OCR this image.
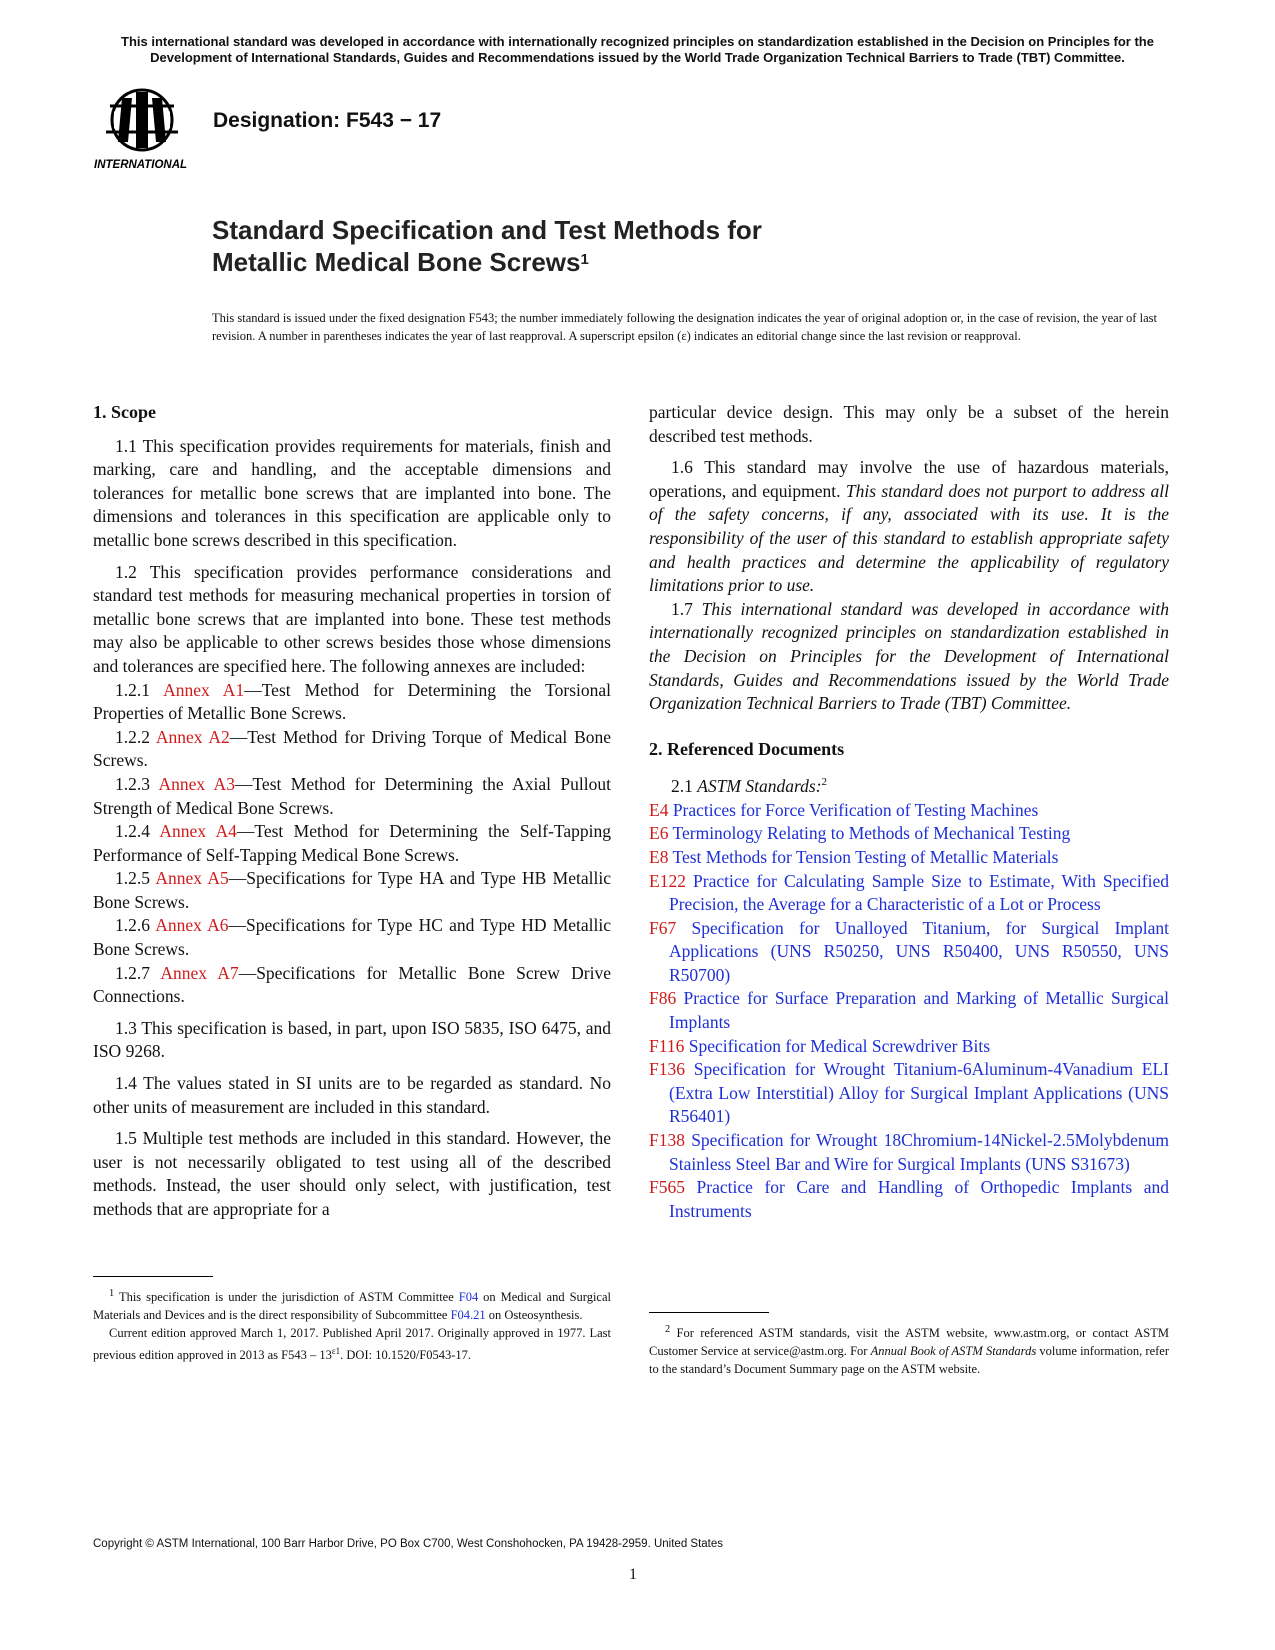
This international standard was developed in accordance with internationally recognized principles on standardization established in the Decision on Principles for the Development of International Standards, Guides and Recommendations issued by the World Trade Organization Technical Barriers to Trade (TBT) Committee.
INTERNATIONAL
Designation: F543 − 17
Standard Specification and Test Methods for
Metallic Medical Bone Screws$^1$
This standard is issued under the fixed designation F543; the number immediately following the designation indicates the year of original adoption or, in the case of revision, the year of last revision. A number in parentheses indicates the year of last reapproval. A superscript epsilon (ε) indicates an editorial change since the last revision or reapproval.
1. Scope

1.1 This specification provides requirements for materials, finish and marking, care and handling, and the acceptable dimensions and tolerances for metallic bone screws that are implanted into bone. The dimensions and tolerances in this specification are applicable only to metallic bone screws described in this specification.

1.2 This specification provides performance considerations and standard test methods for measuring mechanical properties in torsion of metallic bone screws that are implanted into bone. These test methods may also be applicable to other screws besides those whose dimensions and tolerances are specified here. The following annexes are included:

1.2.1 Annex A1—Test Method for Determining the Torsional Properties of Metallic Bone Screws.

1.2.2 Annex A2—Test Method for Driving Torque of Medical Bone Screws.

1.2.3 Annex A3—Test Method for Determining the Axial Pullout Strength of Medical Bone Screws.

1.2.4 Annex A4—Test Method for Determining the Self-Tapping Performance of Self-Tapping Medical Bone Screws.

1.2.5 Annex A5—Specifications for Type HA and Type HB Metallic Bone Screws.

1.2.6 Annex A6—Specifications for Type HC and Type HD Metallic Bone Screws.

1.2.7 Annex A7—Specifications for Metallic Bone Screw Drive Connections.

1.3 This specification is based, in part, upon ISO 5835, ISO 6475, and ISO 9268.

1.4 The values stated in SI units are to be regarded as standard. No other units of measurement are included in this standard.

1.5 Multiple test methods are included in this standard. However, the user is not necessarily obligated to test using all of the described methods. Instead, the user should only select, with justification, test methods that are appropriate for a

particular device design. This may only be a subset of the herein described test methods.

1.6 This standard may involve the use of hazardous materials, operations, and equipment. This standard does not purport to address all of the safety concerns, if any, associated with its use. It is the responsibility of the user of this standard to establish appropriate safety and health practices and determine the applicability of regulatory limitations prior to use.

1.7 This international standard was developed in accordance with internationally recognized principles on standardization established in the Decision on Principles for the Development of International Standards, Guides and Recommendations issued by the World Trade Organization Technical Barriers to Trade (TBT) Committee.

2. Referenced Documents

2.1 ASTM Standards:$^2$

E4 Practices for Force Verification of Testing Machines

E6 Terminology Relating to Methods of Mechanical Testing

E8 Test Methods for Tension Testing of Metallic Materials

E122 Practice for Calculating Sample Size to Estimate, With Specified Precision, the Average for a Characteristic of a Lot or Process

F67 Specification for Unalloyed Titanium, for Surgical Implant Applications (UNS R50250, UNS R50400, UNS R50550, UNS R50700)

F86 Practice for Surface Preparation and Marking of Metallic Surgical Implants

F116 Specification for Medical Screwdriver Bits

F136 Specification for Wrought Titanium-6Aluminum-4Vanadium ELI (Extra Low Interstitial) Alloy for Surgical Implant Applications (UNS R56401)

F138 Specification for Wrought 18Chromium-14Nickel-2.5Molybdenum Stainless Steel Bar and Wire for Surgical Implants (UNS S31673)

F565 Practice for Care and Handling of Orthopedic Implants and Instruments

$^1$ This specification is under the jurisdiction of ASTM Committee F04 on Medical and Surgical Materials and Devices and is the direct responsibility of Subcommittee F04.21 on Osteosynthesis.

Current edition approved March 1, 2017. Published April 2017. Originally approved in 1977. Last previous edition approved in 2013 as $F543 - 13^{\varepsilon 1}$. DOI: 10.1520/F0543-17.

$^2$ For referenced ASTM standards, visit the ASTM website, www.astm.org, or contact ASTM Customer Service at service@astm.org. For Annual Book of ASTM Standards volume information, refer to the standard’s Document Summary page on the ASTM website.

Copyright © ASTM International, 100 Barr Harbor Drive, PO Box C700, West Conshohocken, PA 19428-2959. United States
1
